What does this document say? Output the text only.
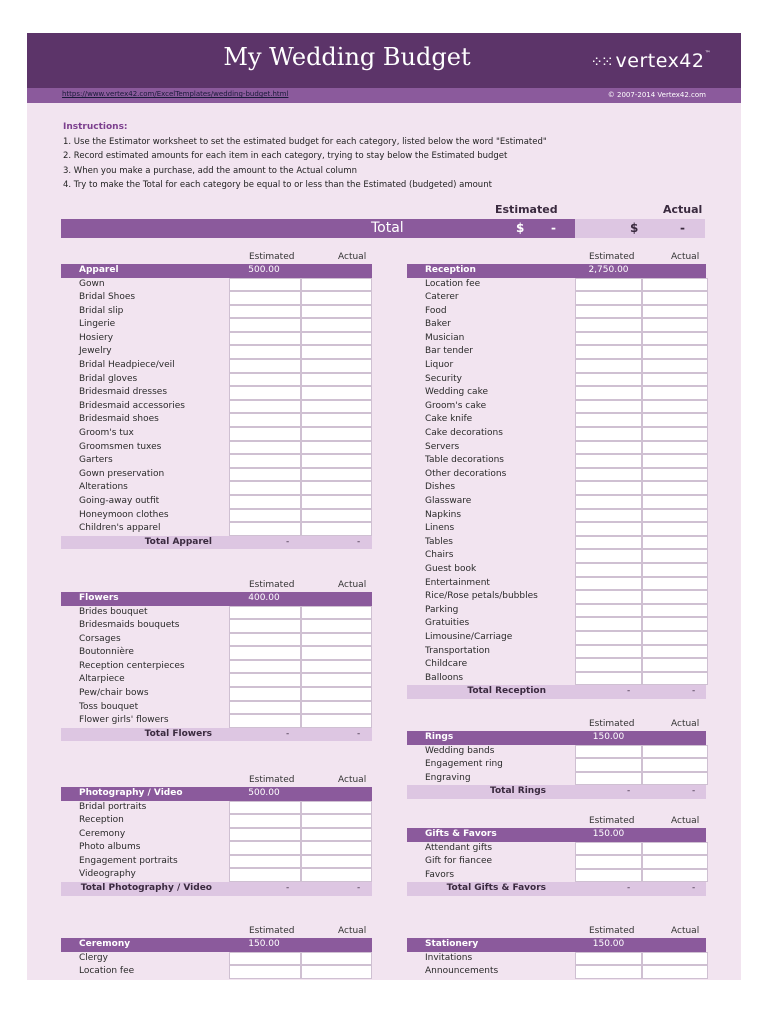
My Wedding Budget	⁘⁙ vertex42™
https://www.vertex42.com/ExcelTemplates/wedding-budget.html	© 2007-2014 Vertex42.com
Instructions:
1. Use the Estimator worksheet to set the estimated budget for each category, listed below the word "Estimated"
2. Record estimated amounts for each item in each category, trying to stay below the Estimated budget
3. When you make a purchase, add the amount to the Actual column
4. Try to make the Total for each category be equal to or less than the Estimated (budgeted) amount
Estimated	Actual
Total	$ -	$	-
Estimated	Actual
Apparel	500.00
Gown
Bridal Shoes
Bridal slip
Lingerie
Hosiery
Jewelry
Bridal Headpiece/veil
Bridal gloves
Bridesmaid dresses
Bridesmaid accessories
Bridesmaid shoes
Groom's tux
Groomsmen tuxes
Garters
Gown preservation
Alterations
Going-away outfit
Honeymoon clothes
Children's apparel
Total Apparel	-	-
Estimated	Actual
Flowers	400.00
Brides bouquet
Bridesmaids bouquets
Corsages
Boutonnière
Reception centerpieces
Altarpiece
Pew/chair bows
Toss bouquet
Flower girls' flowers
Total Flowers	-	-
Estimated	Actual
Photography / Video	500.00
Bridal portraits
Reception
Ceremony
Photo albums
Engagement portraits
Videography
Total Photography / Video	-	-
Estimated	Actual
Ceremony	150.00
Clergy
Location fee
Estimated	Actual
Reception	2,750.00
Location fee
Caterer
Food
Baker
Musician
Bar tender
Liquor
Security
Wedding cake
Groom's cake
Cake knife
Cake decorations
Servers
Table decorations
Other decorations
Dishes
Glassware
Napkins
Linens
Tables
Chairs
Guest book
Entertainment
Rice/Rose petals/bubbles
Parking
Gratuities
Limousine/Carriage
Transportation
Childcare
Balloons
Total Reception	-	-
Estimated	Actual
Rings	150.00
Wedding bands
Engagement ring
Engraving
Total Rings	-	-
Estimated	Actual
Gifts & Favors	150.00
Attendant gifts
Gift for fiancee
Favors
Total Gifts & Favors	-	-
Estimated	Actual
Stationery	150.00
Invitations
Announcements
